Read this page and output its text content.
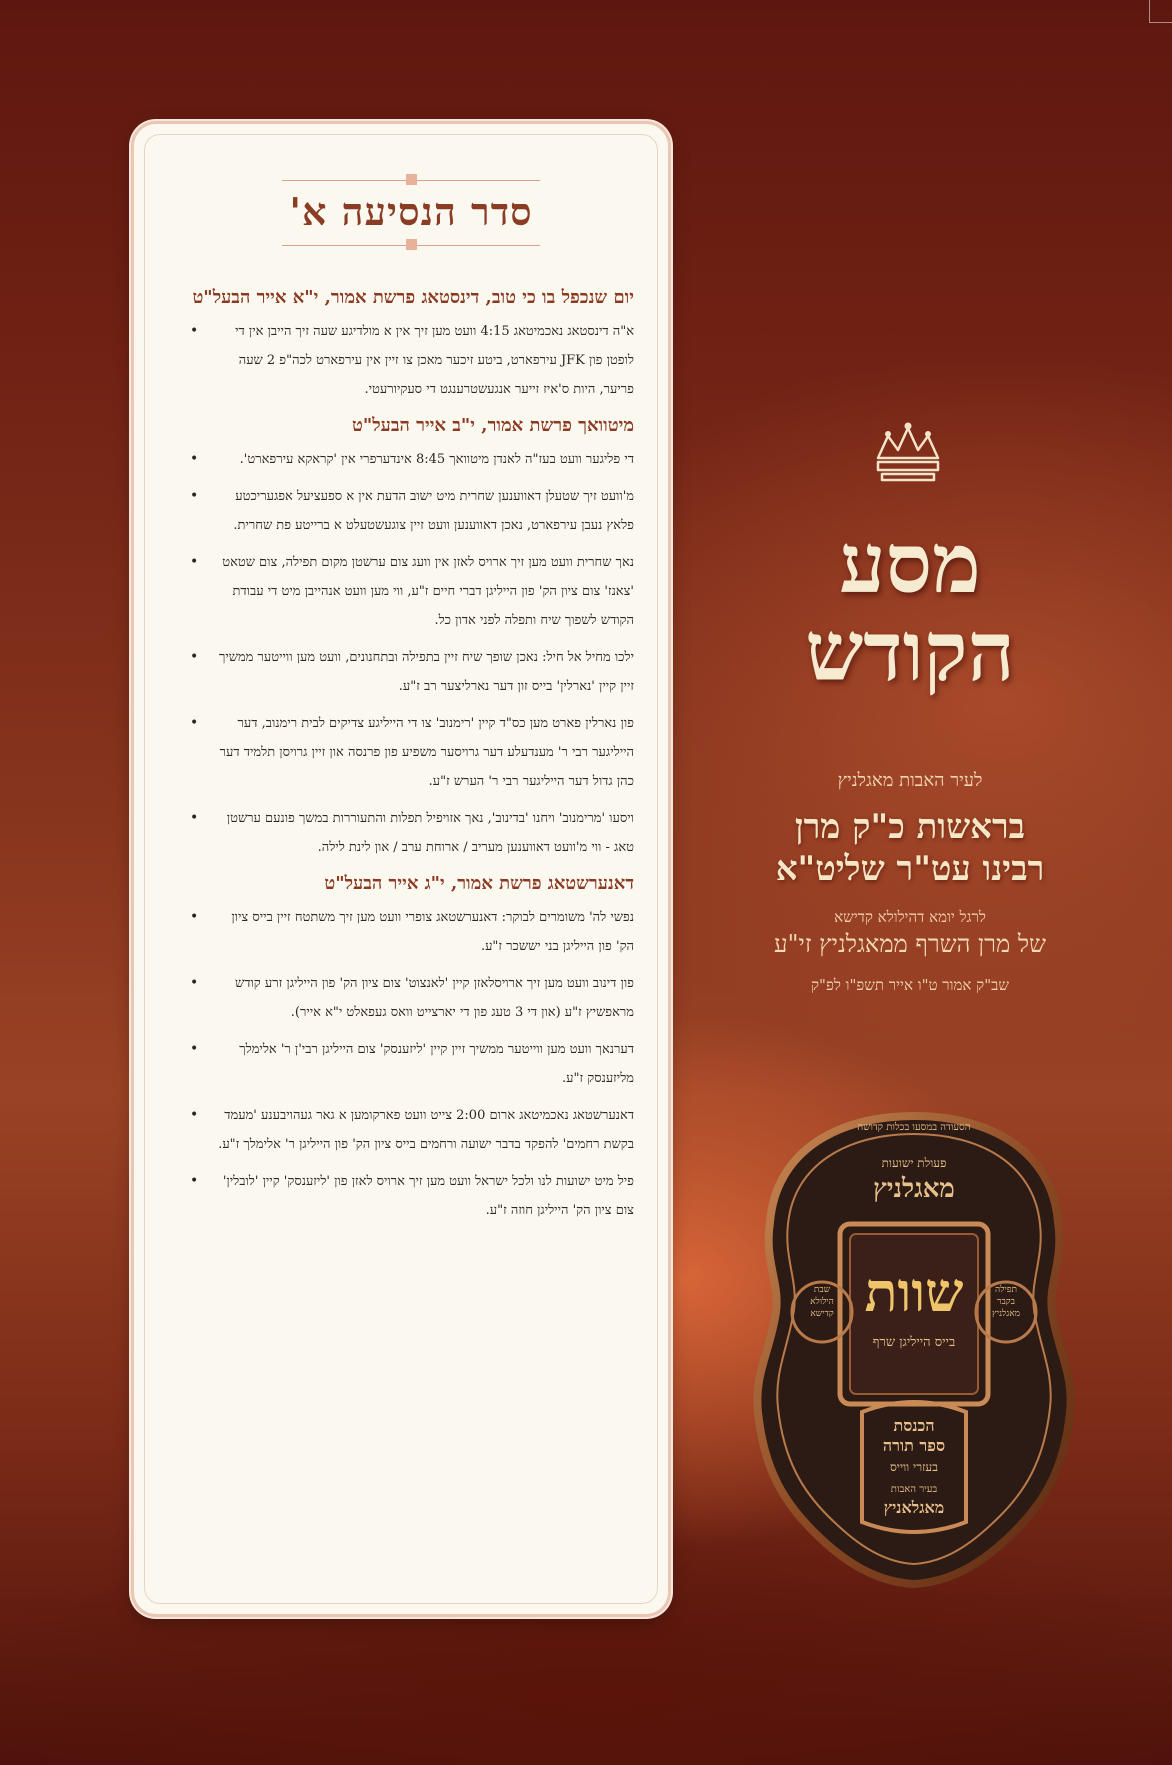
סדר הנסיעה א'
יום שנכפל בו כי טוב, דינסטאג פרשת אמור, י"א אייר הבעל"ט
א"ה דינסטאג נאכמיטאג 4:15 וועט מען זיך אין א מולדיגע שעה זיך הייבן אין די לופטן פון JFK עירפארט, ביטע זיכער מאכן צו זיין אין עירפארט לכה"פ 2 שעה פריער, היות ס'איז זייער אנגעשטרענגט די סעקיורעטי. •
מיטוואך פרשת אמור, י"ב אייר הבעל"ט
די פליגער וועט בעז"ה לאנדן מיטוואך 8:45 אינדערפרי אין 'קראקא עירפארט'. •
מ'וועט זיך שטעלן דאווענען שחרית מיט ישוב הדעת אין א ספעציעל אפגעריכטע פלאץ נעבן עירפארט, נאכן דאווענען וועט זיין צוגעשטעלט א ברייטע פת שחרית. •
נאך שחרית וועט מען זיך ארויס לאזן אין וועג צום ערשטן מקום תפילה, צום שטאט 'צאנז' צום ציון הק' פון הייליגן דברי חיים ז"ע, ווי מען וועט אנהייבן מיט די עבודת הקודש לשפוך שיח ותפלה לפני אדון כל. •
ילכו מחיל אל חיל: נאכן שופך שיח זיין בתפילה ובתחנונים, וועט מען ווייטער ממשיך זיין קיין 'נארלין' בייס זון דער נארליצער רב ז"ע. •
פון נארלין פארט מען כס"ד קיין 'רימנוב' צו די הייליגע צדיקים לבית רימנוב, דער הייליגער רבי ר' מענדעלע דער גרויסער משפיע פון פרנסה און זיין גרויסן תלמיד דער כהן גדול דער הייליגער רבי ר' הערש ז"ע. •
ויסעו 'מרימנוב' ויחנו 'בדינוב', נאך אזויפיל תפלות והתעוררות במשך פונעם ערשטן טאג - ווי מ'וועט דאווענען מעריב / ארוחת ערב / און לינת לילה. •
דאנערשטאג פרשת אמור, י"ג אייר הבעל"ט
נפשי לה' משומרים לבוקר: דאנערשטאג צופרי וועט מען זיך משתטח זיין בייס ציון הק' פון הייליגן בני יששכר ז"ע. •
פון דינוב וועט מען זיך ארויסלאזן קיין 'לאנצוט' צום ציון הק' פון הייליגן זרע קודש מראפשיץ ז"ע (און די 3 טעג פון די יארצייט וואס געפאלט י"א אייר). •
דערנאך וועט מען ווייטער ממשיך זיין קיין 'ליזענסק' צום הייליגן רבי'ן ר' אלימלך מליזענסק ז"ע. •
דאנערשטאג נאכמיטאג ארום 2:00 צייט וועט פארקומען א גאר געהויבענע 'מעמד בקשת רחמים' להפקד בדבר ישועה ורחמים בייס ציון הק' פון הייליגן ר' אלימלך ז"ע. •
פיל מיט ישועות לנו ולכל ישראל וועט מען זיך ארויס לאזן פון 'ליזענסק' קיין 'לובלין' צום ציון הק' הייליגן חוזה ז"ע. •
מסע
הקודש
לעיר האבות מאגלניץ
בראשות כ"ק מרן
רבינו עט"ר שליט"א
לרגל יומא דהילולא קדישא
של מרן השרף ממאגלניץ זי"ע
שב"ק אמור ט"ו אייר תשפ"ו לפ"ק
הסעודה במסעו בכלות קדושה
פעולת ישועות
מאגלניץ
שוות
בייס הייליגן שרף
שבת
הילולא
קדישא
תפילה
בקבר
מאגלניץ
הכנסת
ספר תורה
בעזרי ווייס
בעיר האבות
מאגלאניץ
